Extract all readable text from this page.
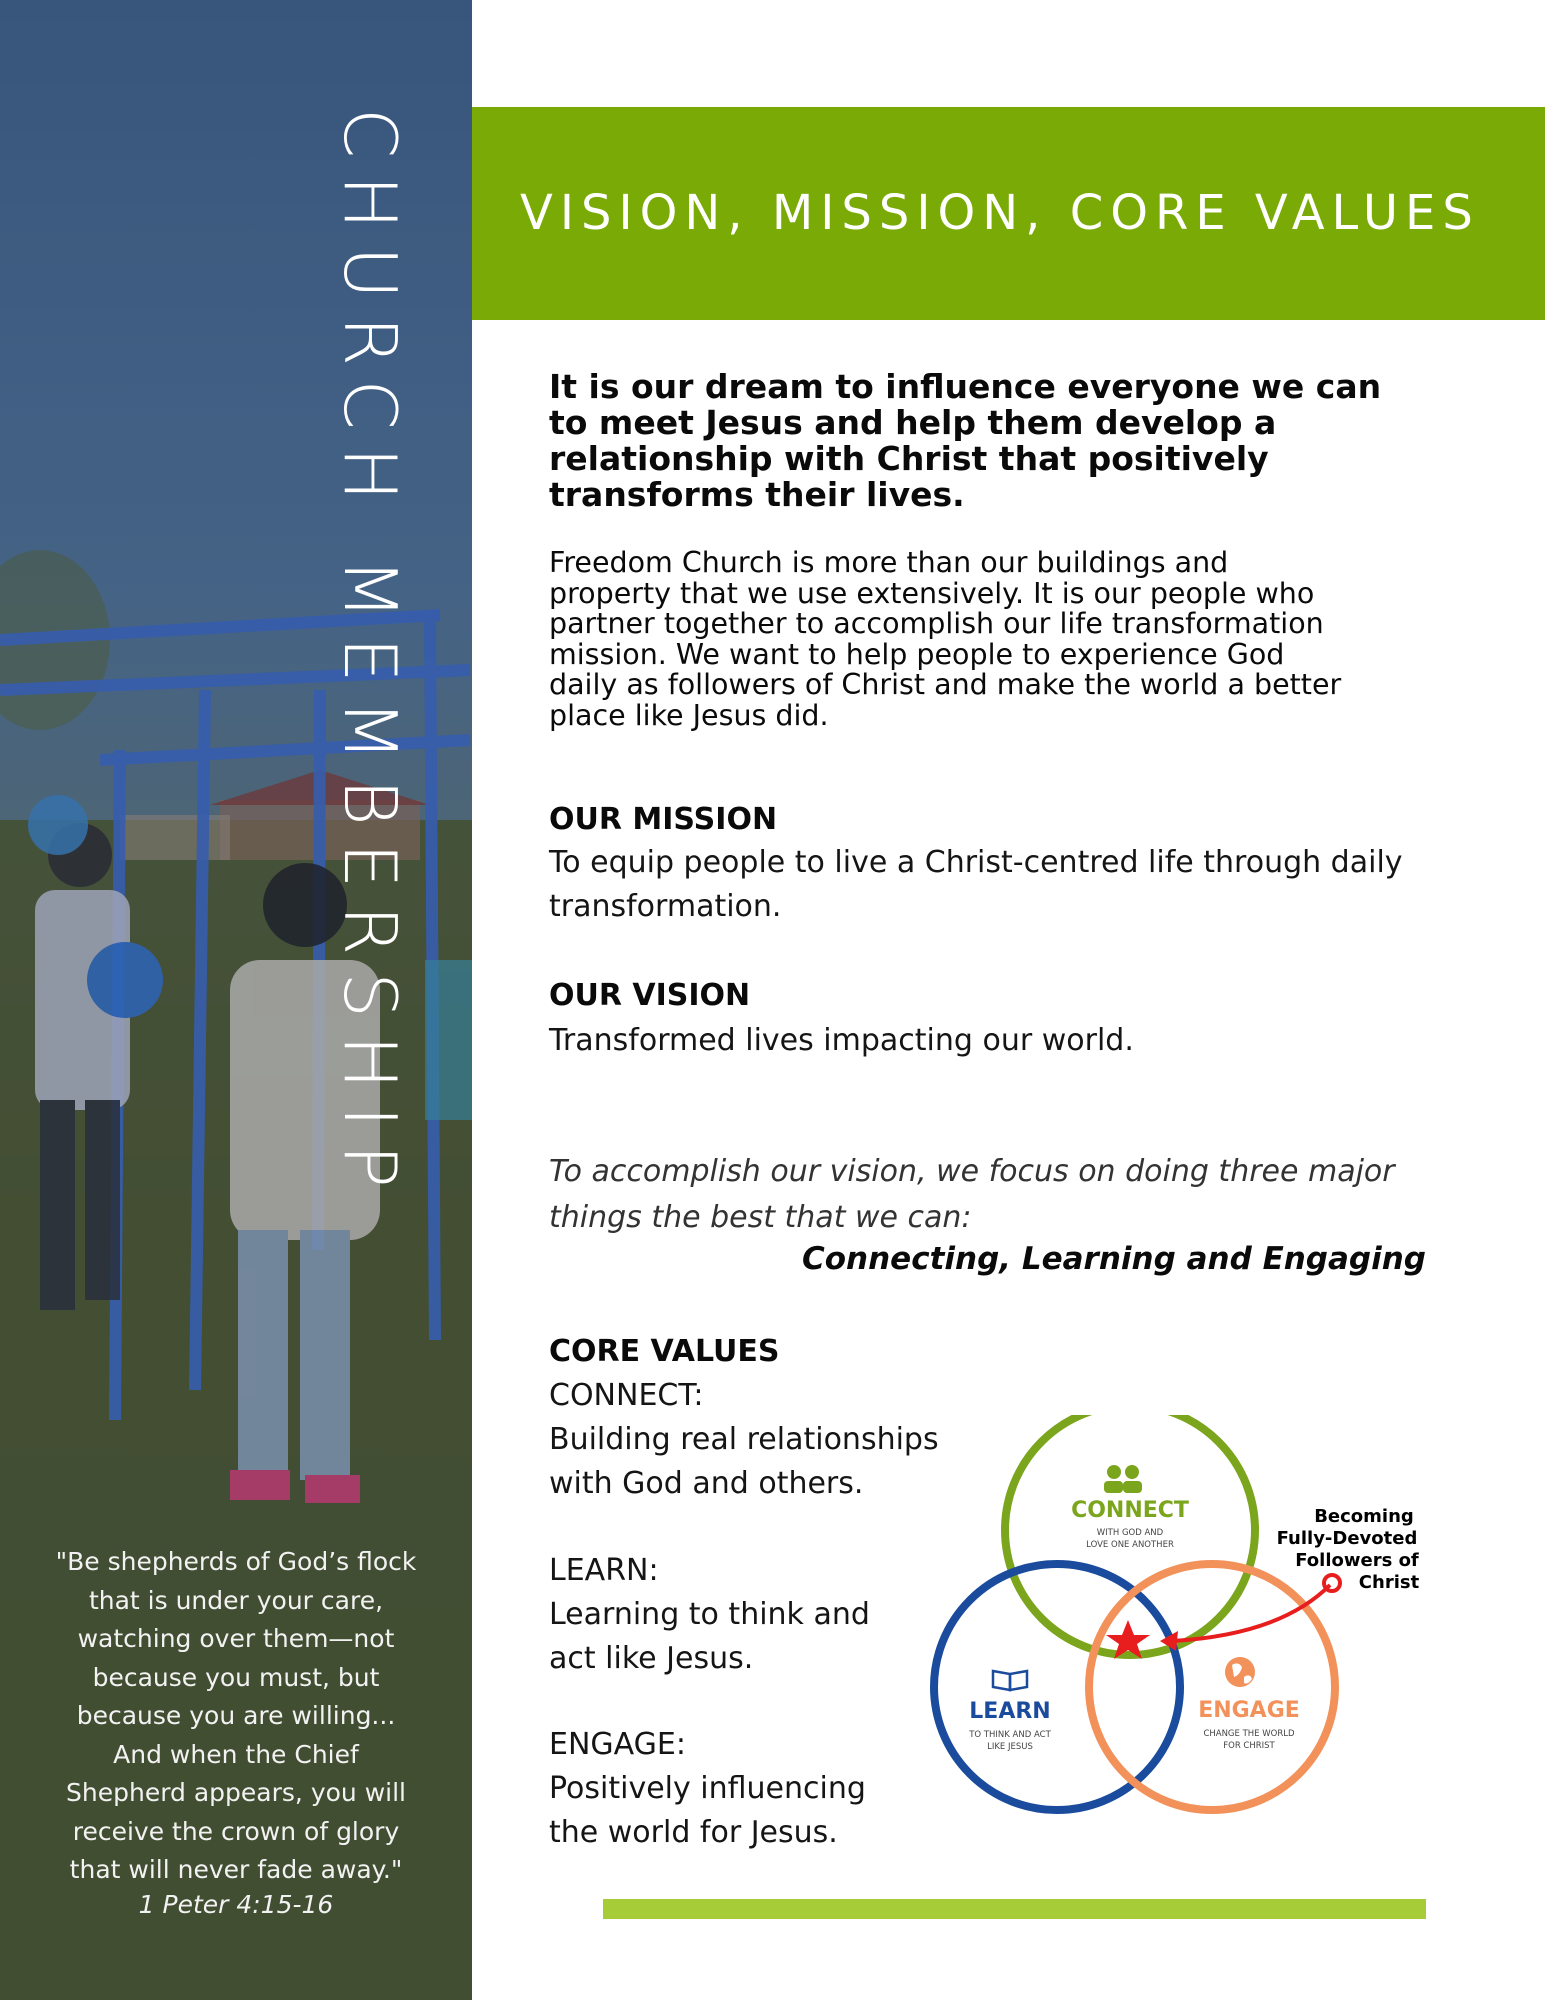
CHURCH MEMBERSHIP
"Be shepherds of God’s flock
that is under your care,
watching over them—not
because you must, but
because you are willing...
And when the Chief
Shepherd appears, you will
receive the crown of glory
that will never fade away."
1 Peter 4:15-16
VISION, MISSION, CORE VALUES
It is our dream to influence everyone we can
to meet Jesus and help them develop a
relationship with Christ that positively
transforms their lives.
Freedom Church is more than our buildings and
property that we use extensively. It is our people who
partner together to accomplish our life transformation
mission. We want to help people to experience God
daily as followers of Christ and make the world a better
place like Jesus did.
OUR MISSION
To equip people to live a Christ-centred life through daily
transformation.
OUR VISION
Transformed lives impacting our world.
To accomplish our vision, we focus on doing three major
things the best that we can:
Connecting, Learning and Engaging
CORE VALUES
CONNECT:
Building real relationships
with God and others.
LEARN:
Learning to think and
act like Jesus.
ENGAGE:
Positively influencing
the world for Jesus.
CONNECT
WITH GOD AND
LOVE ONE ANOTHER
LEARN
TO THINK AND ACT
LIKE JESUS
ENGAGE
CHANGE THE WORLD
FOR CHRIST
Becoming
Fully-Devoted
Followers of
Christ
